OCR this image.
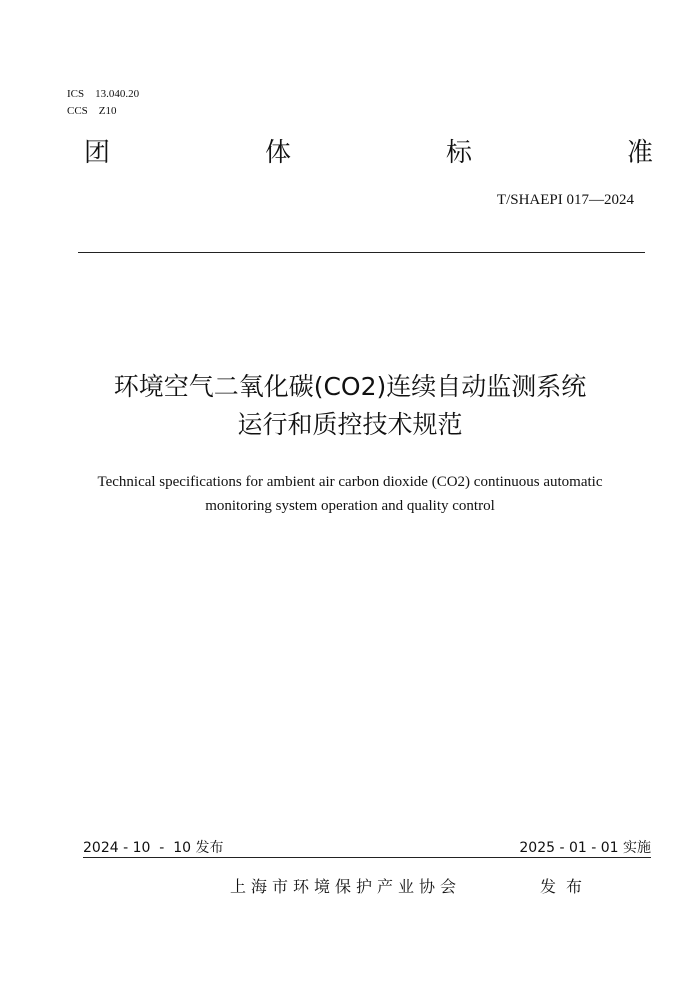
ICS    13.040.20
CCS    Z10
团	体	标	准
T/SHAEPI 017—2024
环境空气二氧化碳(CO2)连续自动监测系统
运行和质控技术规范
Technical specifications for ambient air carbon dioxide (CO2) continuous automatic
monitoring system operation and quality control
2024 - 10  -  10 发布	2025 - 01 - 01 实施
上海市环境保护产业协会	发布
